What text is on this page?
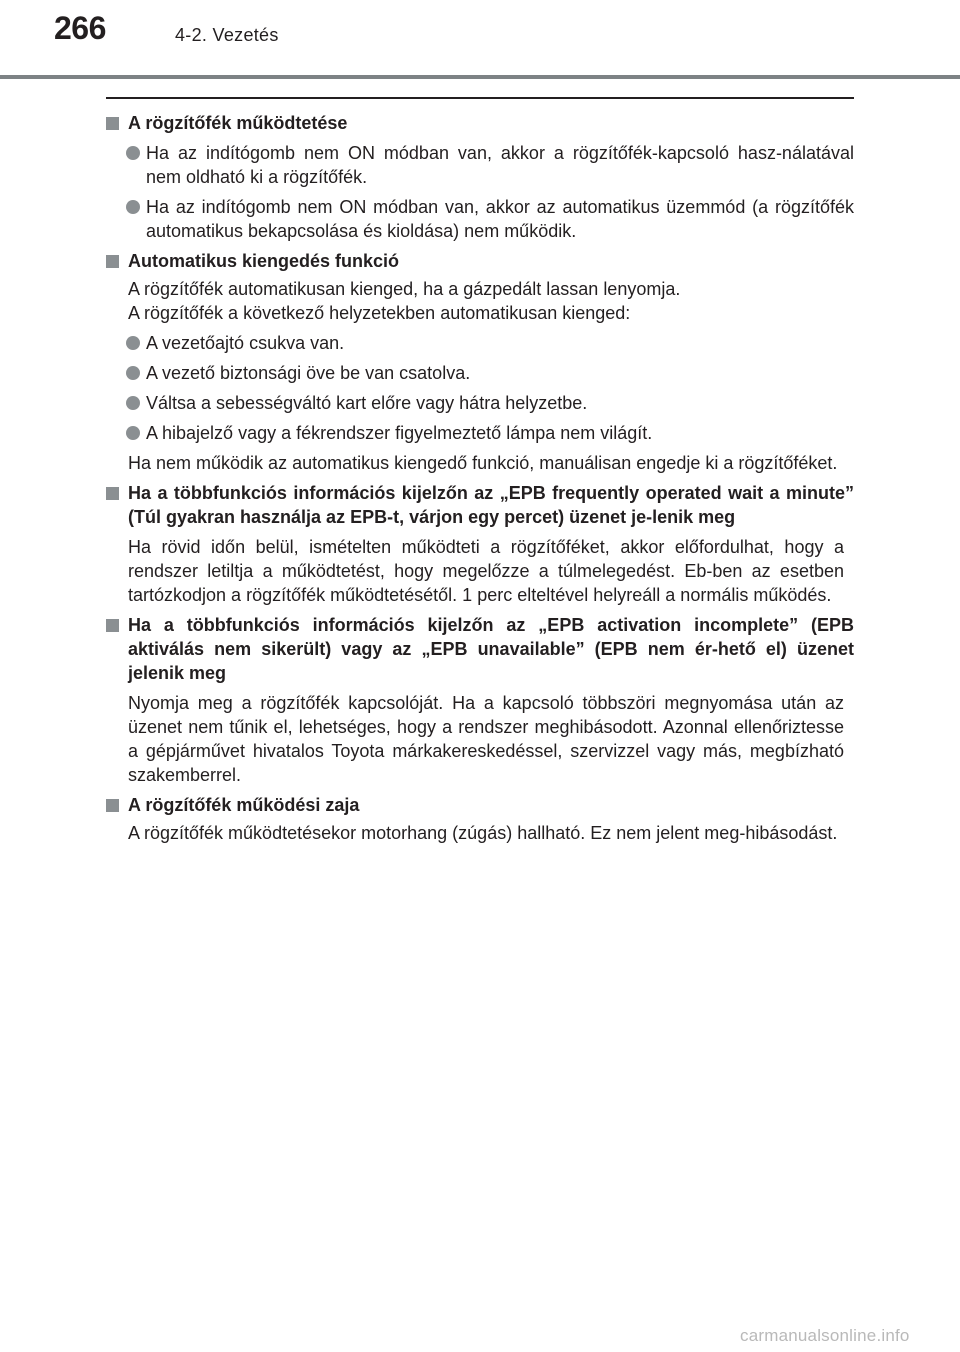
266	4-2. Vezetés
A rögzítőfék működtetése
Ha az indítógomb nem ON módban van, akkor a rögzítőfék-kapcsoló hasz-nálatával nem oldható ki a rögzítőfék.
Ha az indítógomb nem ON módban van, akkor az automatikus üzemmód (a rögzítőfék automatikus bekapcsolása és kioldása) nem működik.
Automatikus kiengedés funkció
A rögzítőfék automatikusan kienged, ha a gázpedált lassan lenyomja.
A rögzítőfék a következő helyzetekben automatikusan kienged:
A vezetőajtó csukva van.
A vezető biztonsági öve be van csatolva.
Váltsa a sebességváltó kart előre vagy hátra helyzetbe.
A hibajelző vagy a fékrendszer figyelmeztető lámpa nem világít.
Ha nem működik az automatikus kiengedő funkció, manuálisan engedje ki a rögzítőféket.
Ha a többfunkciós információs kijelzőn az „EPB frequently operated wait a minute” (Túl gyakran használja az EPB-t, várjon egy percet) üzenet je-lenik meg
Ha rövid időn belül, ismételten működteti a rögzítőféket, akkor előfordulhat, hogy a rendszer letiltja a működtetést, hogy megelőzze a túlmelegedést. Eb-ben az esetben tartózkodjon a rögzítőfék működtetésétől. 1 perc elteltével helyreáll a normális működés.
Ha a többfunkciós információs kijelzőn az „EPB activation incomplete” (EPB aktiválás nem sikerült) vagy az „EPB unavailable” (EPB nem ér-hető el) üzenet jelenik meg
Nyomja meg a rögzítőfék kapcsolóját. Ha a kapcsoló többszöri megnyomása után az üzenet nem tűnik el, lehetséges, hogy a rendszer meghibásodott. Azonnal ellenőriztesse a gépjárművet hivatalos Toyota márkakereskedéssel, szervizzel vagy más, megbízható szakemberrel.
A rögzítőfék működési zaja
A rögzítőfék működtetésekor motorhang (zúgás) hallható. Ez nem jelent meg-hibásodást.
carmanualsonline.info
